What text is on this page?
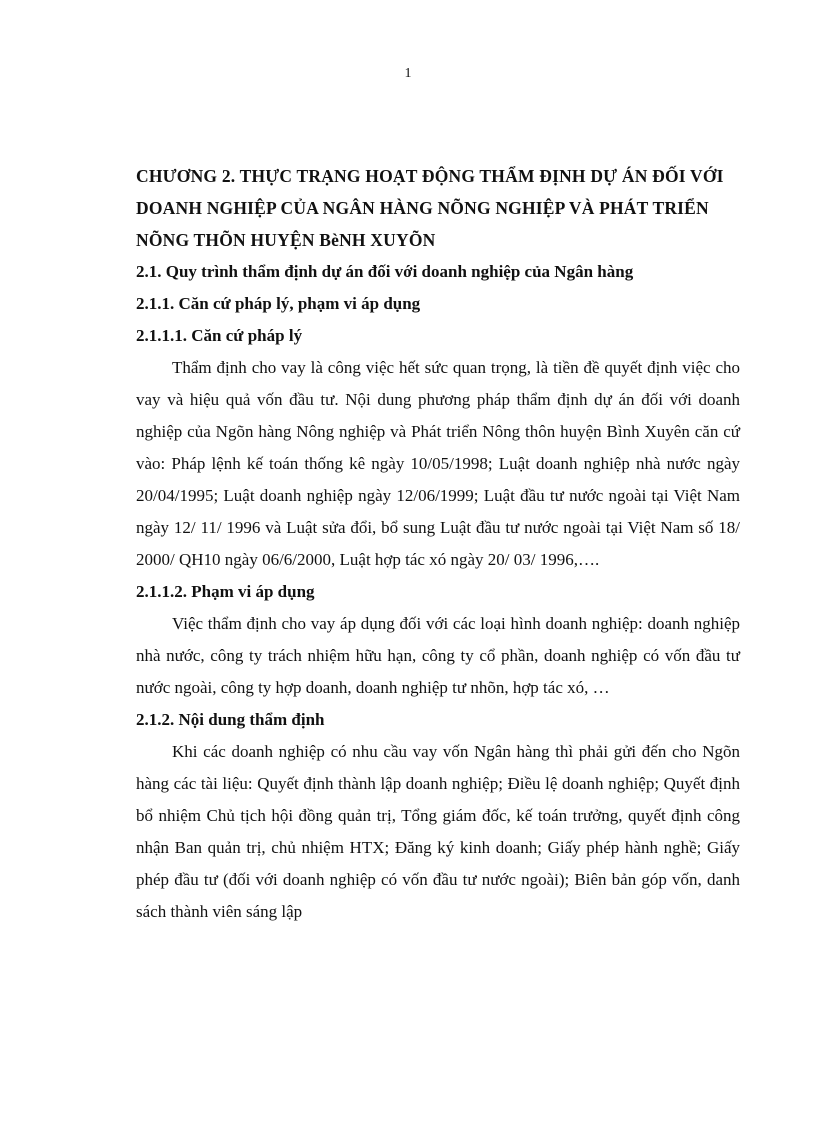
1

CHƯƠNG 2. THỰC TRẠNG HOẠT ĐỘNG THẨM ĐỊNH DỰ ÁN ĐỐI VỚI DOANH NGHIỆP CỦA NGÂN HÀNG NÕNG NGHIỆP VÀ PHÁT TRIỂN NÕNG THÕN HUYỆN BèNH XUYÕN

2.1. Quy trình thẩm định dự án đối với doanh nghiệp của Ngân hàng

2.1.1. Căn cứ pháp lý, phạm vi áp dụng

2.1.1.1. Căn cứ pháp lý

Thẩm định cho vay là công việc hết sức quan trọng, là tiền đề quyết định việc cho vay và hiệu quả vốn đầu tư. Nội dung phương pháp thẩm định dự án đối với doanh nghiệp của Ngõn hàng Nông nghiệp và Phát triển Nông thôn huyện Bình Xuyên căn cứ vào: Pháp lệnh kế toán thống kê ngày 10/05/1998; Luật doanh nghiệp nhà nước ngày 20/04/1995; Luật doanh nghiệp ngày 12/06/1999; Luật đầu tư nước ngoài tại Việt Nam ngày 12/ 11/ 1996 và Luật sửa đổi, bổ sung Luật đầu tư nước ngoài tại Việt Nam số 18/ 2000/ QH10 ngày 06/6/2000, Luật hợp tác xó ngày 20/ 03/ 1996,….

2.1.1.2. Phạm vi áp dụng

Việc thẩm định cho vay áp dụng đối với các loại hình doanh nghiệp: doanh nghiệp nhà nước, công ty trách nhiệm hữu hạn, công ty cổ phần, doanh nghiệp có vốn đầu tư nước ngoài, công ty hợp doanh, doanh nghiệp tư nhõn, hợp tác xó, …

2.1.2. Nội dung thẩm định

Khi các doanh nghiệp có nhu cầu vay vốn Ngân hàng thì phải gửi đến cho Ngõn hàng các tài liệu: Quyết định thành lập doanh nghiệp; Điều lệ doanh nghiệp; Quyết định bổ nhiệm Chủ tịch hội đồng quản trị, Tổng giám đốc, kế toán trưởng, quyết định công nhận Ban quản trị, chủ nhiệm HTX; Đăng ký kinh doanh; Giấy phép hành nghề; Giấy phép đầu tư (đối với doanh nghiệp có vốn đầu tư nước ngoài); Biên bản góp vốn, danh sách thành viên sáng lập
